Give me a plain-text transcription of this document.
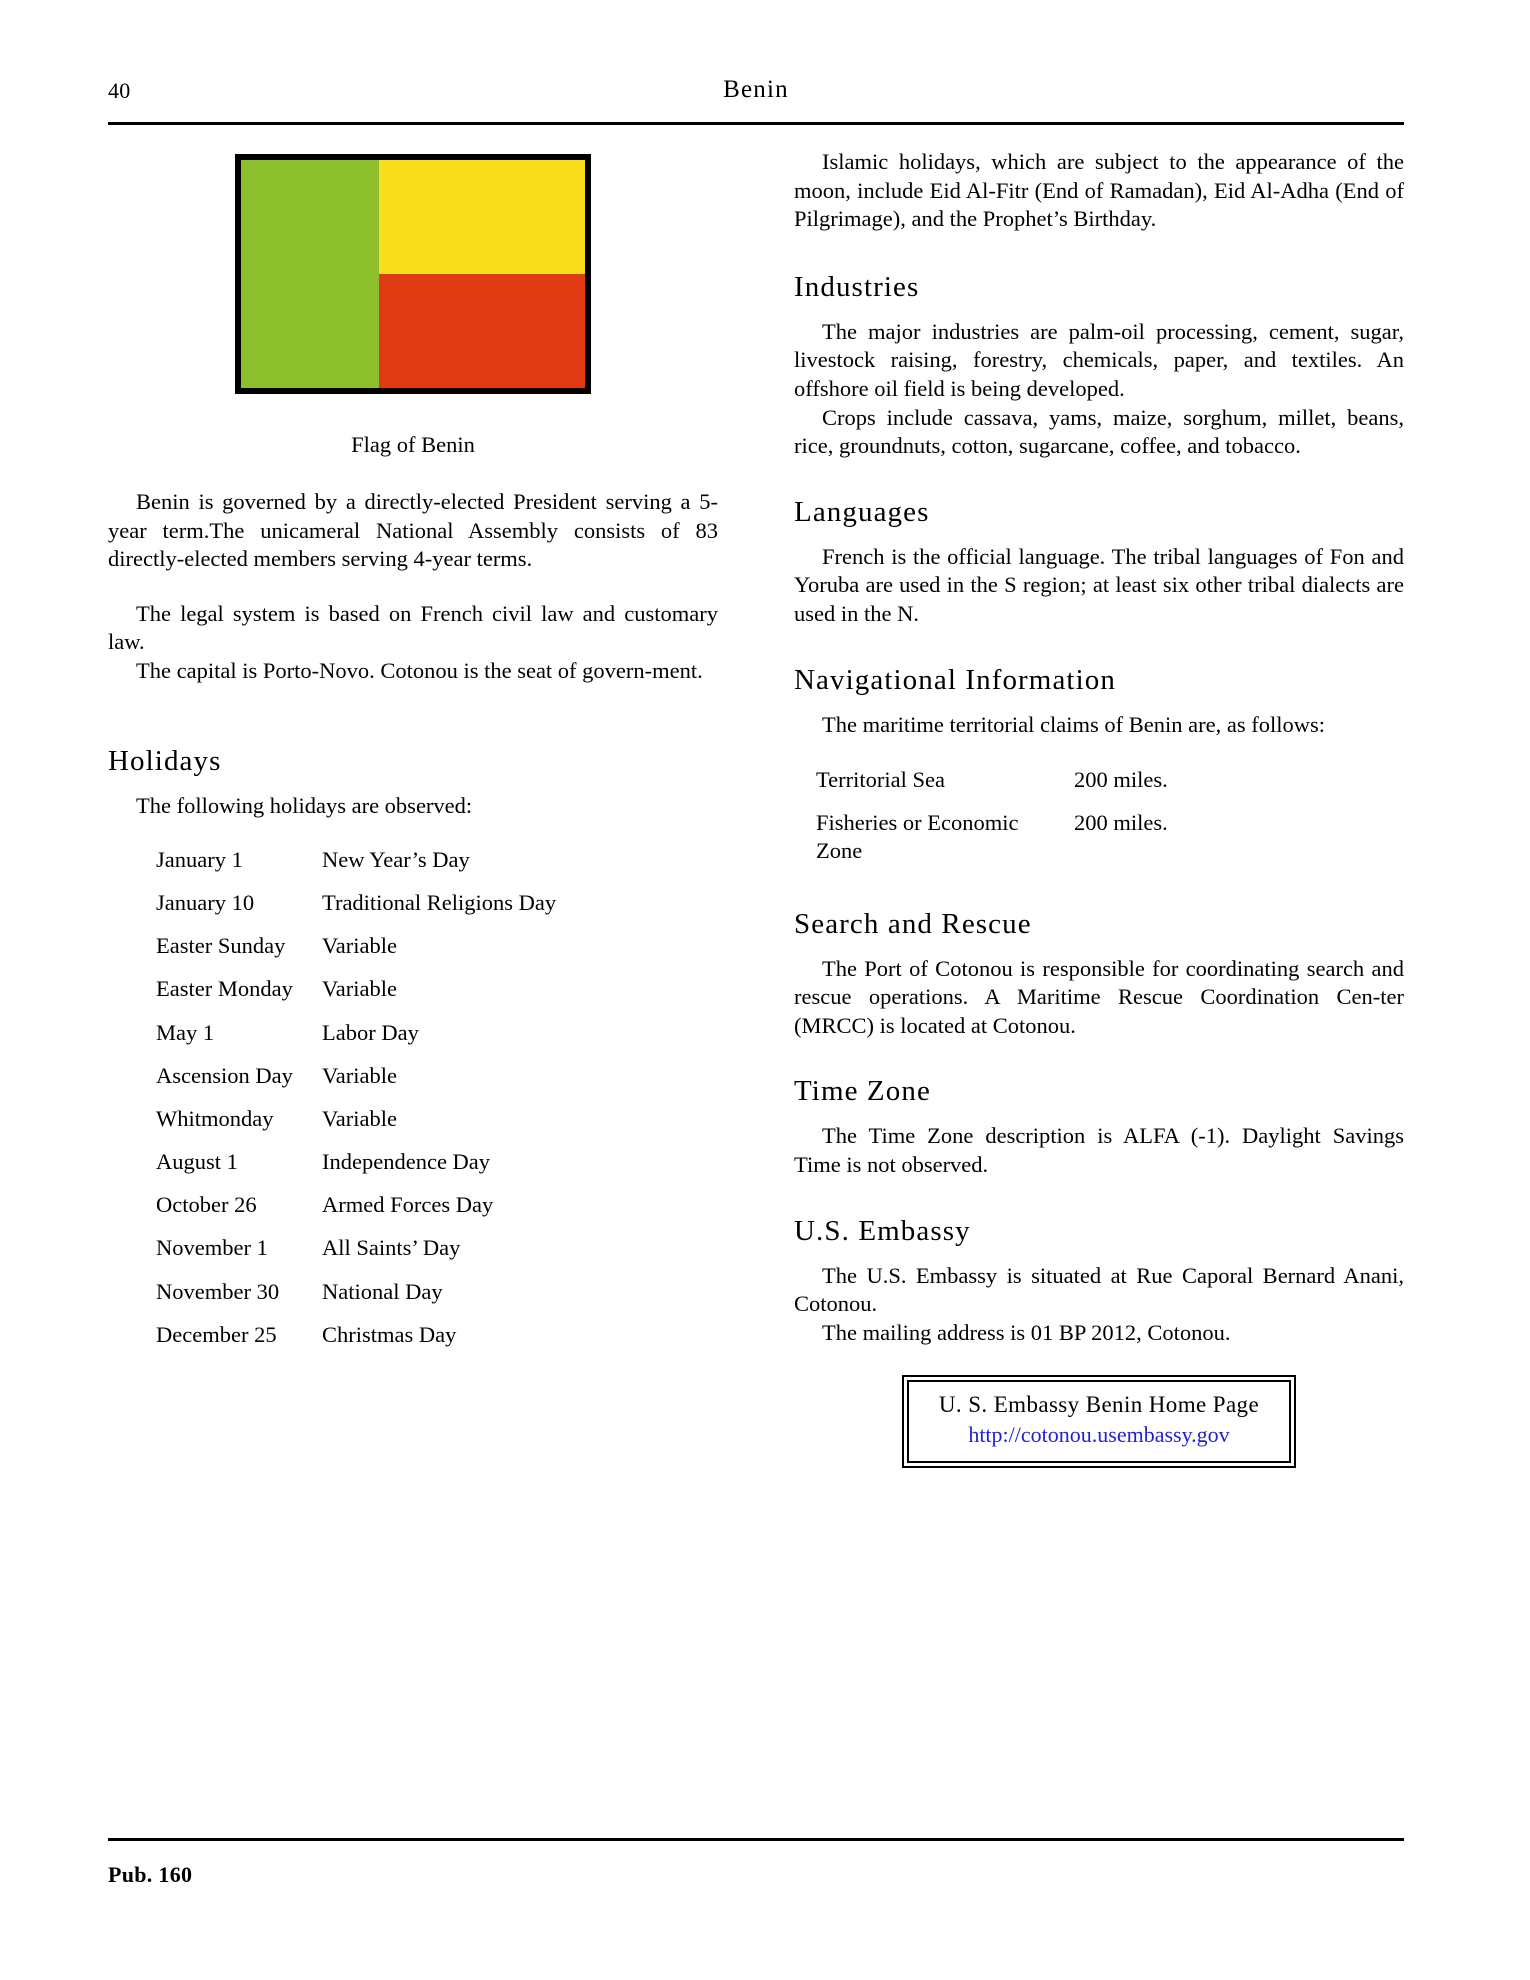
40	Benin
Flag of Benin

Benin is governed by a directly-elected President serving a 5-year term.The unicameral National Assembly consists of 83 directly-elected members serving 4-year terms.

The legal system is based on French civil law and customary law.

The capital is Porto-Novo. Cotonou is the seat of govern-ment.

Holidays

The following holidays are observed:

January 1	New Year’s Day
January 10	Traditional Religions Day
Easter Sunday	Variable
Easter Monday	Variable
May 1	Labor Day
Ascension Day	Variable
Whitmonday	Variable
August 1	Independence Day
October 26	Armed Forces Day
November 1	All Saints’ Day
November 30	National Day
December 25	Christmas Day

Islamic holidays, which are subject to the appearance of the moon, include Eid Al-Fitr (End of Ramadan), Eid Al-Adha (End of Pilgrimage), and the Prophet’s Birthday.

Industries

The major industries are palm-oil processing, cement, sugar, livestock raising, forestry, chemicals, paper, and textiles. An offshore oil field is being developed.

Crops include cassava, yams, maize, sorghum, millet, beans, rice, groundnuts, cotton, sugarcane, coffee, and tobacco.

Languages

French is the official language. The tribal languages of Fon and Yoruba are used in the S region; at least six other tribal dialects are used in the N.

Navigational Information

The maritime territorial claims of Benin are, as follows:

Territorial Sea	200 miles.
Fisheries or Economic Zone	200 miles.
Search and Rescue

The Port of Cotonou is responsible for coordinating search and rescue operations. A Maritime Rescue Coordination Cen-ter (MRCC) is located at Cotonou.

Time Zone

The Time Zone description is ALFA (-1). Daylight Savings Time is not observed.

U.S. Embassy

The U.S. Embassy is situated at Rue Caporal Bernard Anani, Cotonou.

The mailing address is 01 BP 2012, Cotonou.

U. S. Embassy Benin Home Page
http://cotonou.usembassy.gov
Pub. 160
